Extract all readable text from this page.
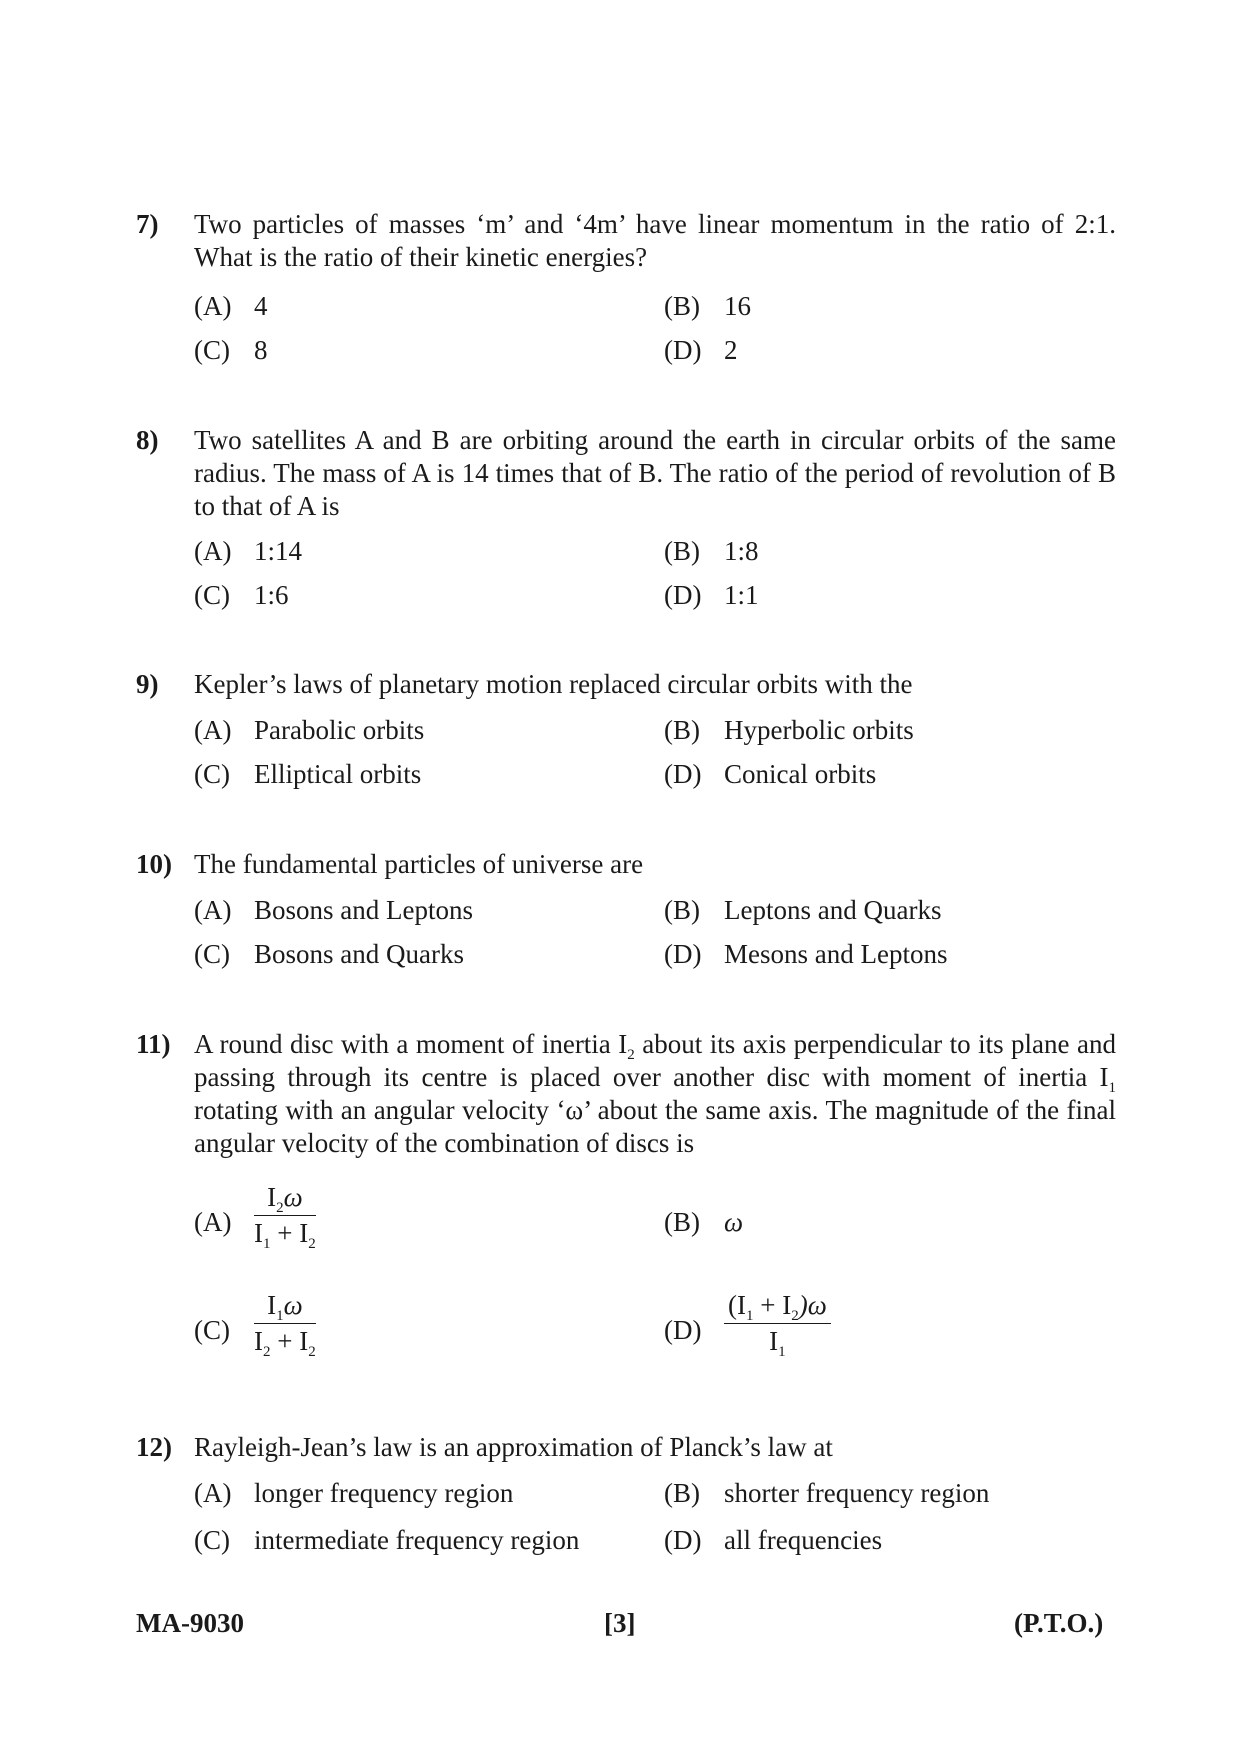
7) Two particles of masses ‘m’ and ‘4m’ have linear momentum in the ratio of 2:1. What is the ratio of their kinetic energies?
(A) 4	(B) 16
(C) 8	(D) 2
8) Two satellites A and B are orbiting around the earth in circular orbits of the same radius. The mass of A is 14 times that of B. The ratio of the period of revolution of B to that of A is
(A) 1:14	(B) 1:8
(C) 1:6	(D) 1:1
9) Kepler’s laws of planetary motion replaced circular orbits with the
(A) Parabolic orbits	(B) Hyperbolic orbits
(C) Elliptical orbits	(D) Conical orbits
10) The fundamental particles of universe are
(A) Bosons and Leptons	(B) Leptons and Quarks
(C) Bosons and Quarks	(D) Mesons and Leptons
11) A round disc with a moment of inertia $I_2$ about its axis perpendicular to its plane and passing through its centre is placed over another disc with moment of inertia $I_1$ rotating with an angular velocity ‘ω’ about the same axis. The magnitude of the final angular velocity of the combination of discs is
$(A) \frac{I_2\omega}{I_1 + I_2}$	(B) ω
$(C) \frac{I_1\omega}{I_2 + I_2}$	$(D) \frac{(I_1 + I_2)\omega}{I_1}$
12) Rayleigh-Jean’s law is an approximation of Planck’s law at
(A) longer frequency region	(B) shorter frequency region
(C) intermediate frequency region	(D) all frequencies
MA-9030	[3]	(P.T.O.)
